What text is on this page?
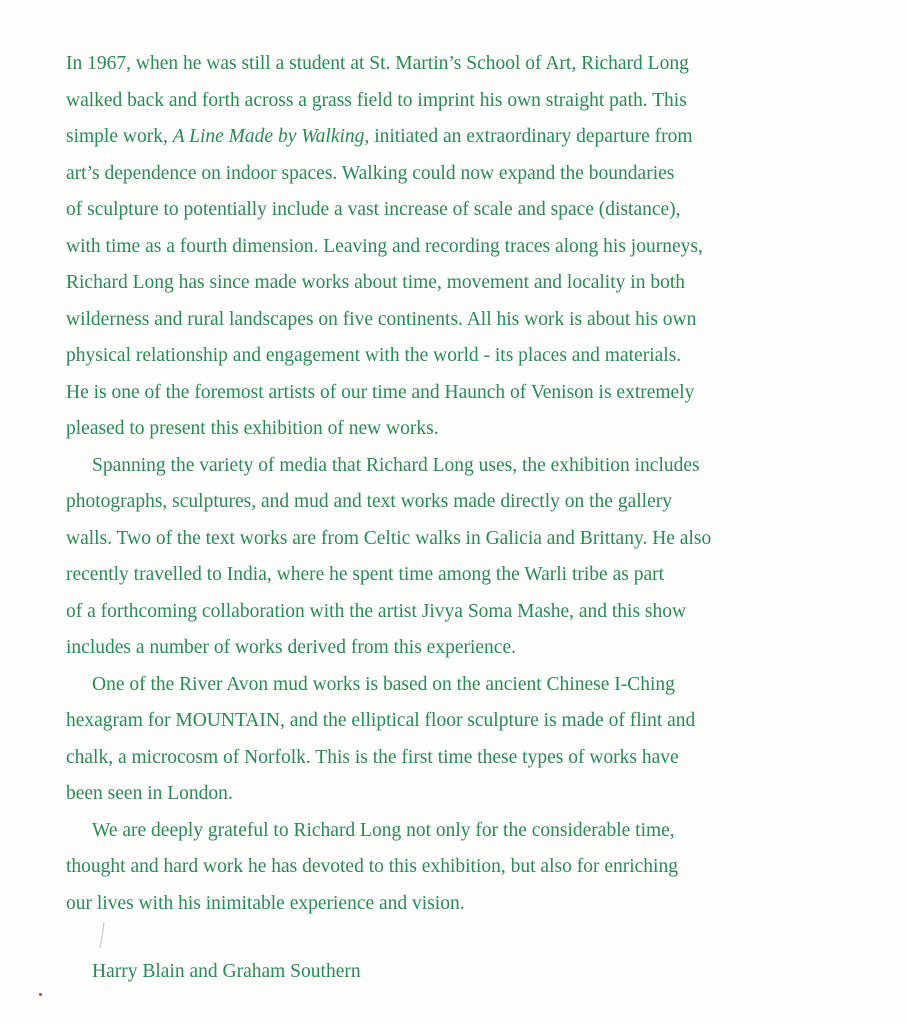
In 1967, when he was still a student at St. Martin’s School of Art, Richard Long
walked back and forth across a grass field to imprint his own straight path. This
simple work, A Line Made by Walking, initiated an extraordinary departure from
art’s dependence on indoor spaces. Walking could now expand the boundaries
of sculpture to potentially include a vast increase of scale and space (distance),
with time as a fourth dimension. Leaving and recording traces along his journeys,
Richard Long has since made works about time, movement and locality in both
wilderness and rural landscapes on five continents. All his work is about his own
physical relationship and engagement with the world - its places and materials.
He is one of the foremost artists of our time and Haunch of Venison is extremely
pleased to present this exhibition of new works.
Spanning the variety of media that Richard Long uses, the exhibition includes
photographs, sculptures, and mud and text works made directly on the gallery
walls. Two of the text works are from Celtic walks in Galicia and Brittany. He also
recently travelled to India, where he spent time among the Warli tribe as part
of a forthcoming collaboration with the artist Jivya Soma Mashe, and this show
includes a number of works derived from this experience.
One of the River Avon mud works is based on the ancient Chinese I-Ching
hexagram for MOUNTAIN, and the elliptical floor sculpture is made of flint and
chalk, a microcosm of Norfolk. This is the first time these types of works have
been seen in London.
We are deeply grateful to Richard Long not only for the considerable time,
thought and hard work he has devoted to this exhibition, but also for enriching
our lives with his inimitable experience and vision.
Harry Blain and Graham Southern
